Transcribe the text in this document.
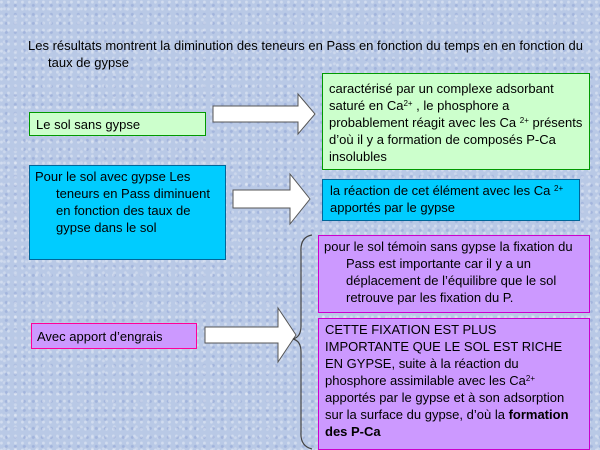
Les résultats montrent la diminution des teneurs en Pass en fonction du temps en en fonction du taux de gypse
Le sol sans gypse
caractérisé par un complexe adsorbant saturé en $Ca^{2+}$ , le phosphore a probablement réagit avec les Ca $^{2+}$ présents d’où il y a formation de composés P-Ca insolubles
Pour le sol avec gypse Les teneurs en Pass diminuent en fonction des taux de gypse dans le sol
la réaction de cet élément avec les Ca $^{2+}$ apportés par le gypse
pour le sol témoin sans gypse la fixation du Pass est importante car il y a un déplacement de l’équilibre que le sol retrouve par les fixation du P.
Avec apport d’engrais	CETTE FIXATION EST PLUS IMPORTANTE QUE LE SOL EST RICHE EN GYPSE, suite à la réaction du phosphore assimilable avec les $Ca^{2+}$ apportés par le gypse et à son adsorption sur la surface du gypse, d’où la formation des P-Ca
